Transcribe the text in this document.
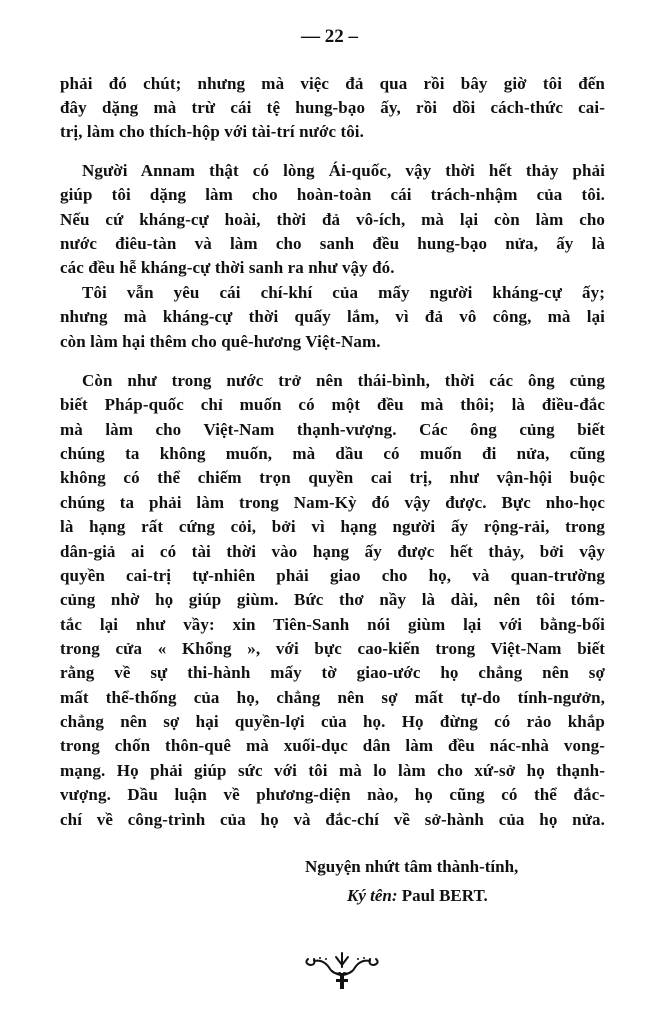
— 22 –
phải đó chút; nhưng mà việc đả qua rồi bây giờ tôi đến
đây dặng mà trừ cái tệ hung-bạo ấy, rồi dồi cách-thức cai-
trị, làm cho thích-hộp với tài-trí nước tôi.
Người Annam thật có lòng Ái-quốc, vậy thời hết thảy phải
giúp tôi dặng làm cho hoàn-toàn cái trách-nhậm của tôi.
Nếu cứ kháng-cự hoài, thời đả vô-ích, mà lại còn làm cho
nước điêu-tàn và làm cho sanh đều hung-bạo nửa, ấy là
các đều hễ kháng-cự thời sanh ra như vậy đó.
Tôi vẫn yêu cái chí-khí của mấy người kháng-cự ấy;
nhưng mà kháng-cự thời quấy lắm, vì đả vô công, mà lại
còn làm hại thêm cho quê-hương Việt-Nam.
Còn như trong nước trở nên thái-bình, thời các ông củng
biết Pháp-quốc chỉ muốn có một đều mà thôi; là điều-đắc
mà làm cho Việt-Nam thạnh-vượng. Các ông củng biết
chúng ta không muốn, mà dầu có muốn đi nửa, cũng
không có thể chiếm trọn quyền cai trị, như vận-hội buộc
chúng ta phải làm trong Nam-Kỳ đó vậy được. Bực nho-học
là hạng rất cứng cỏi, bởi vì hạng người ấy rộng-rải, trong
dân-giả ai có tài thời vào hạng ấy được hết thảy, bởi vậy
quyền cai-trị tự-nhiên phải giao cho họ, và quan-trường
củng nhờ họ giúp giùm. Bức thơ nầy là dài, nên tôi tóm-
tắc lại như vầy: xin Tiên-Sanh nói giùm lại với bằng-bối
trong cửa « Khổng », với bực cao-kiến trong Việt-Nam biết
rằng về sự thi-hành mấy tờ giao-ước họ chẳng nên sợ
mất thể-thống của họ, chẳng nên sợ mất tự-do tính-ngưởn,
chẳng nên sợ hại quyền-lợi của họ. Họ đừng có rảo khắp
trong chốn thôn-quê mà xuối-dục dân làm đều nác-nhà vong-
mạng. Họ phải giúp sức với tôi mà lo làm cho xứ-sở họ thạnh-
vượng. Dầu luận về phương-diện nào, họ cũng có thể đắc-
chí về công-trình của họ và đắc-chí về sở-hành của họ nửa.
Nguyện nhứt tâm thành-tính,
Ký tên: Paul BERT.
